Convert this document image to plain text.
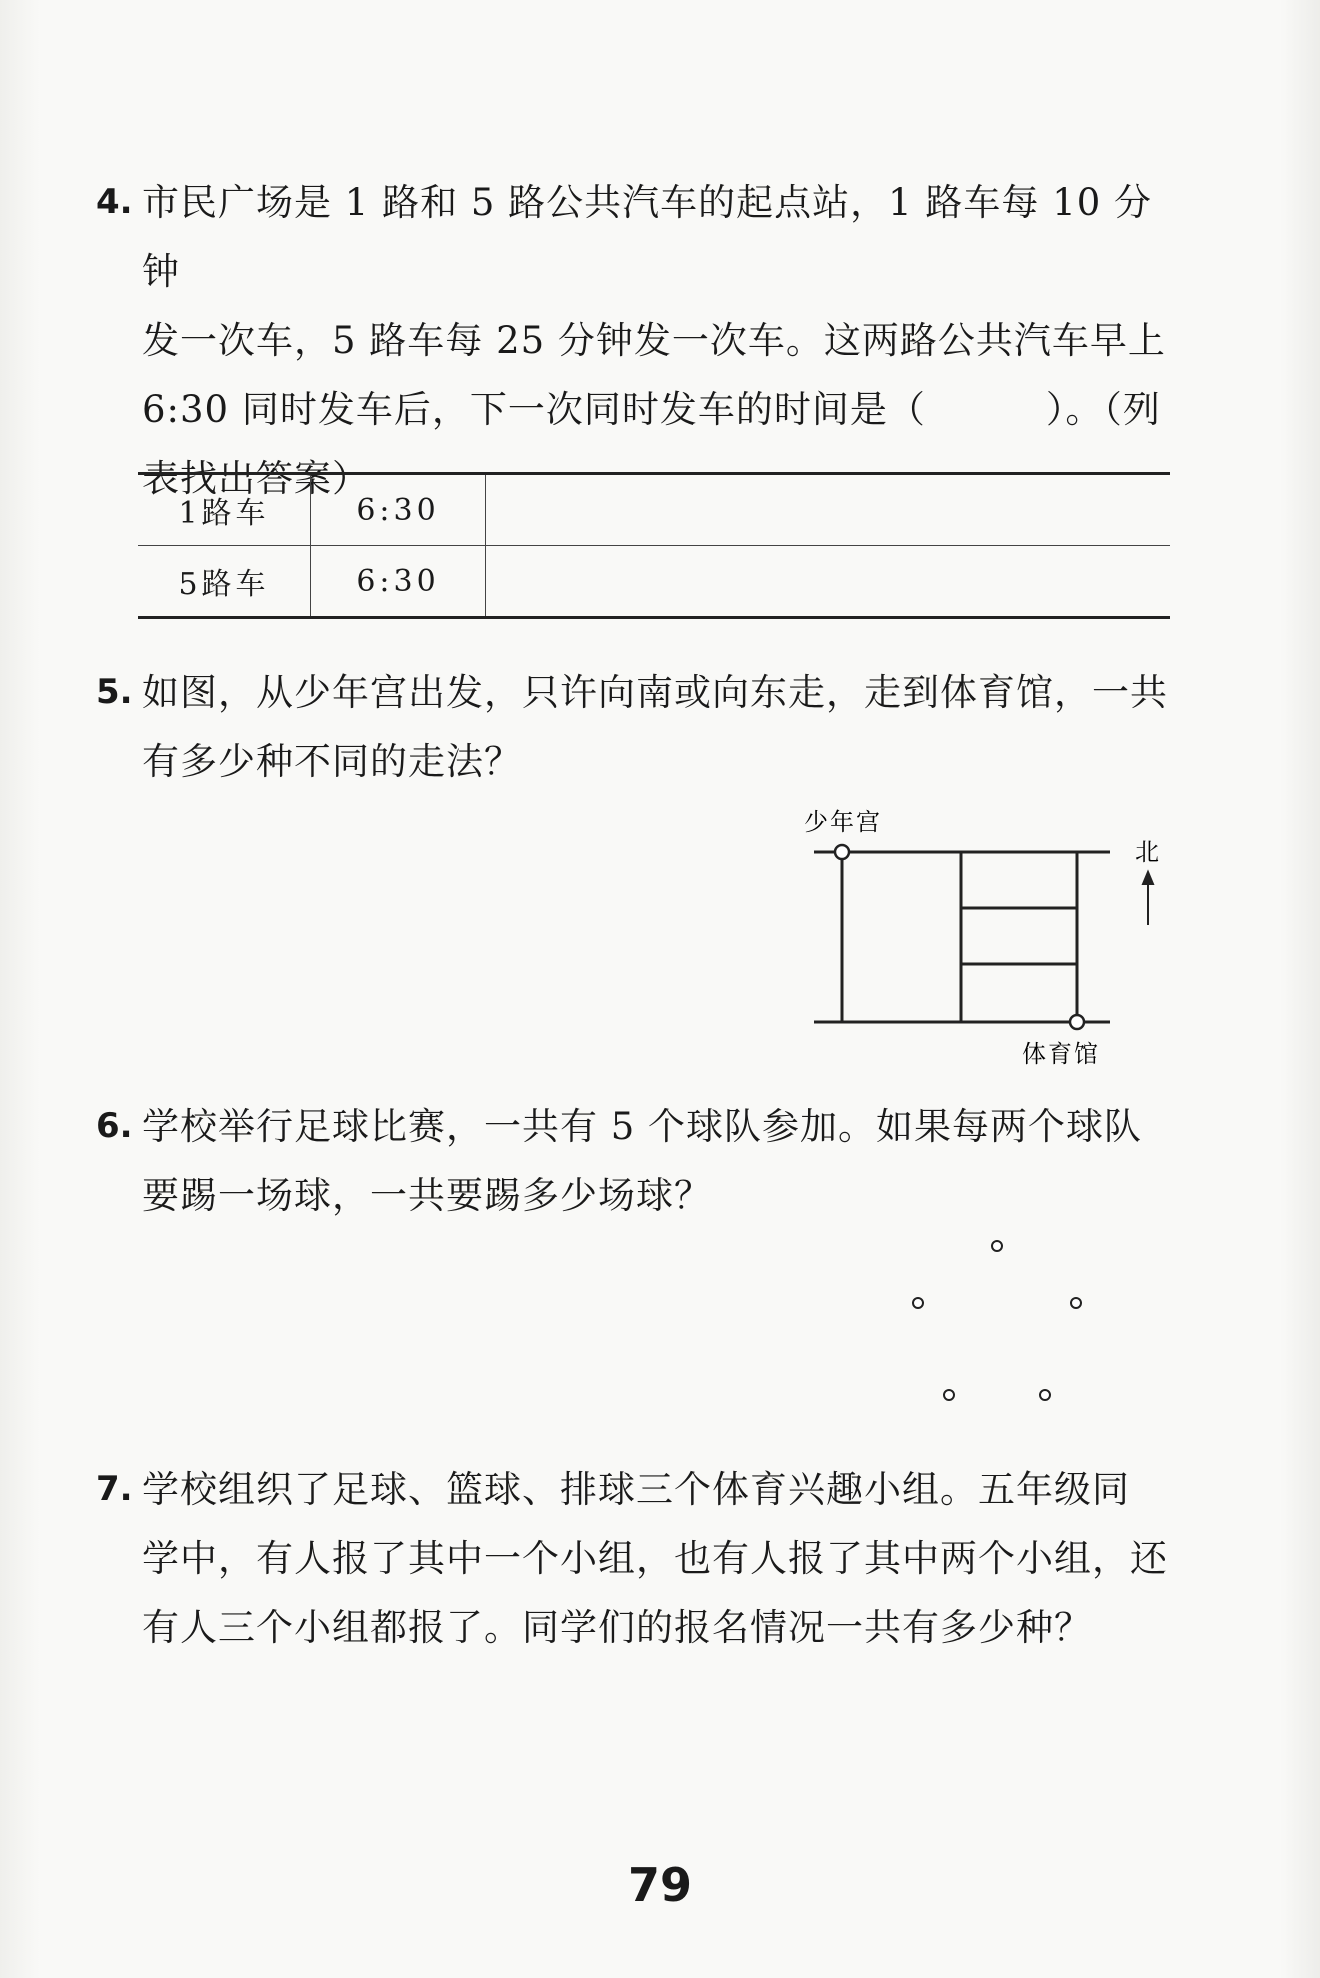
4. 市民广场是 1 路和 5 路公共汽车的起点站，1 路车每 10 分钟
发一次车，5 路车每 25 分钟发一次车。这两路公共汽车早上
6:30 同时发车后，下一次同时发车的时间是（	）。（列
表找出答案）
1路车	6:30	
5路车	6:30	
5. 如图，从少年宫出发，只许向南或向东走，走到体育馆，一共
有多少种不同的走法？
少年宫
北
体育馆
6. 学校举行足球比赛，一共有 5 个球队参加。如果每两个球队
要踢一场球，一共要踢多少场球？
7. 学校组织了足球、篮球、排球三个体育兴趣小组。五年级同
学中，有人报了其中一个小组，也有人报了其中两个小组，还
有人三个小组都报了。同学们的报名情况一共有多少种？
79
